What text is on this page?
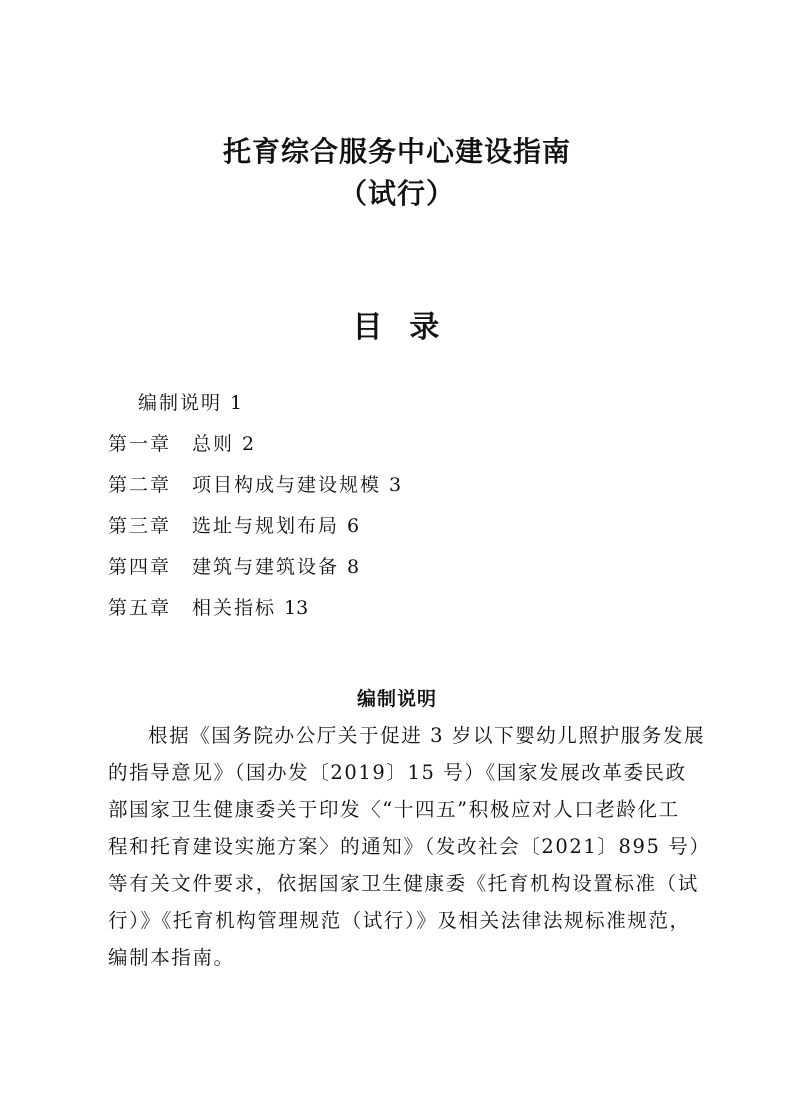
托育综合服务中心建设指南
（试行）
目  录
编制说明 1
第一章 总则 2
第二章 项目构成与建设规模 3
第三章 选址与规划布局 6
第四章 建筑与建筑设备 8
第五章 相关指标 13
编制说明
根据《国务院办公厅关于促进 3 岁以下婴幼儿照护服务发展
的指导意见》（国办发〔2019〕15 号）《国家发展改革委民政
部国家卫生健康委关于印发〈“十四五”积极应对人口老龄化工
程和托育建设实施方案〉的通知》（发改社会〔2021〕895 号）
等有关文件要求，依据国家卫生健康委《托育机构设置标准（试
行）》《托育机构管理规范（试行）》及相关法律法规标准规范，
编制本指南。
